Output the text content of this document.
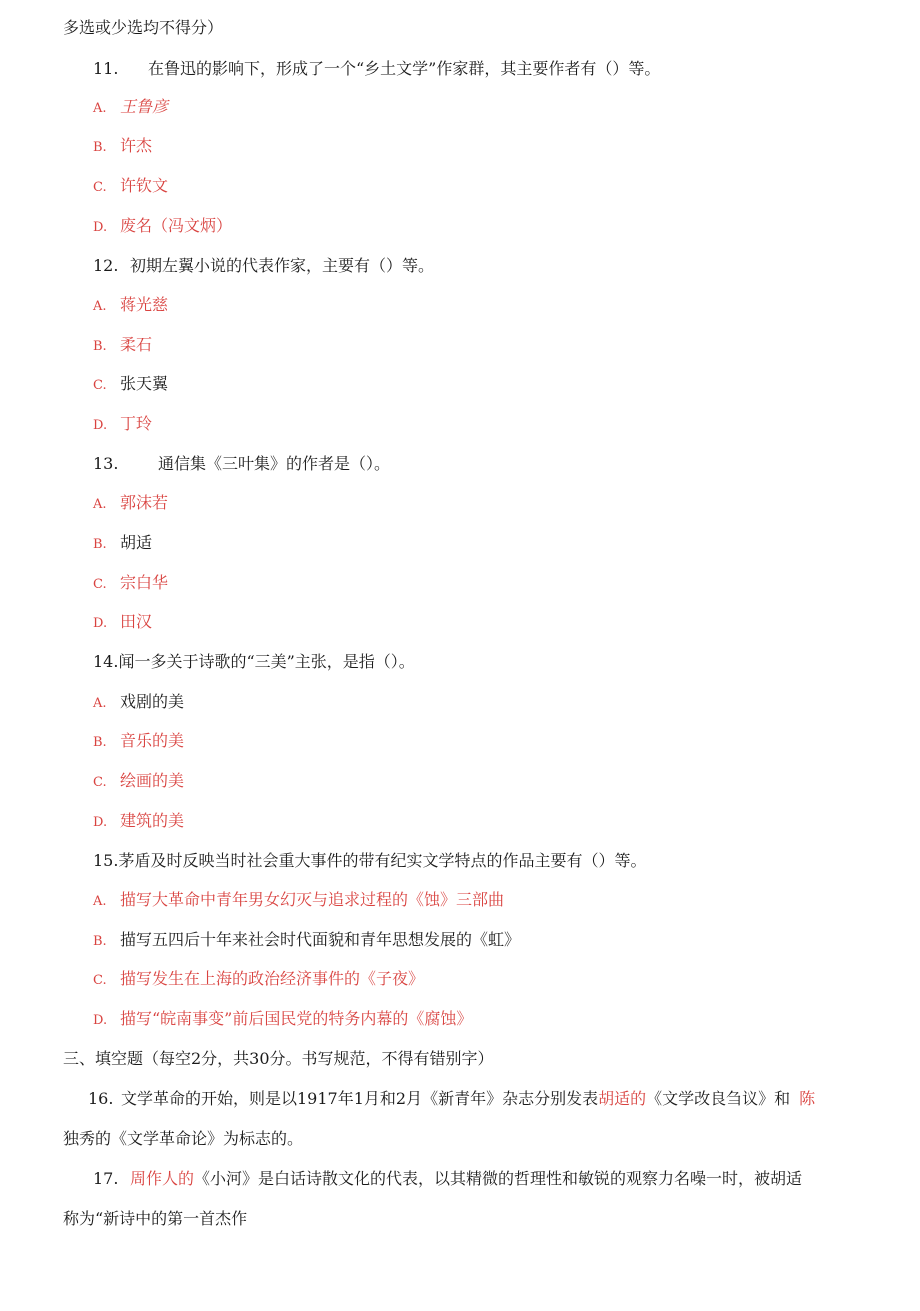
多选或少选均不得分）
11. 在鲁迅的影响下，形成了一个“乡土文学”作家群，其主要作者有（）等。
A. 王鲁彦
B. 许杰
C. 许钦文
D. 废名（冯文炳）
12. 初期左翼小说的代表作家，主要有（）等。
A. 蒋光慈
B. 柔石
C. 张天翼
D. 丁玲
13. 通信集《三叶集》的作者是（）。
A. 郭沫若
B. 胡适
C. 宗白华
D. 田汉
14.闻一多关于诗歌的“三美”主张，是指（）。
A. 戏剧的美
B. 音乐的美
C. 绘画的美
D. 建筑的美
15.茅盾及时反映当时社会重大事件的带有纪实文学特点的作品主要有（）等。
A. 描写大革命中青年男女幻灭与追求过程的《蚀》三部曲
B. 描写五四后十年来社会时代面貌和青年思想发展的《虹》
C. 描写发生在上海的政治经济事件的《子夜》
D. 描写“皖南事变”前后国民党的特务内幕的《腐蚀》
三、填空题（每空2分，共30分。书写规范，不得有错别字）
16. 文学革命的开始，则是以1917年1月和2月《新青年》杂志分别发表胡适的《文学改良刍议》和 陈
独秀的《文学革命论》为标志的。
17. 周作人的《小河》是白话诗散文化的代表，以其精微的哲理性和敏锐的观察力名噪一时，被胡适
称为“新诗中的第一首杰作
